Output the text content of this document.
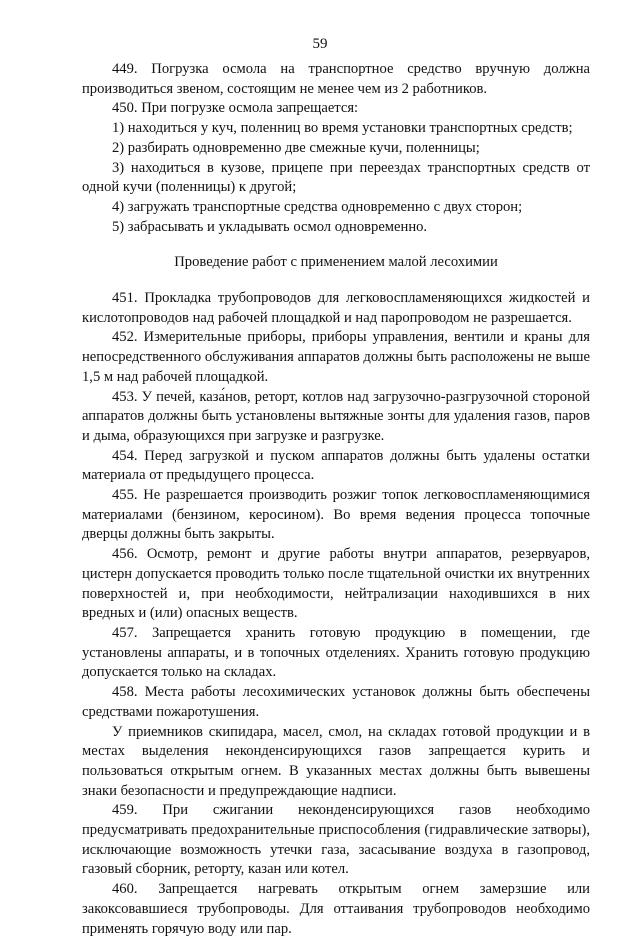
59

449. Погрузка осмола на транспортное средство вручную должна производиться звеном, состоящим не менее чем из 2 работников.

450. При погрузке осмола запрещается:

1) находиться у куч, поленниц во время установки транспортных средств;

2) разбирать одновременно две смежные кучи, поленницы;

3) находиться в кузове, прицепе при переездах транспортных средств от одной кучи (поленницы) к другой;

4) загружать транспортные средства одновременно с двух сторон;

5) забрасывать и укладывать осмол одновременно.

Проведение работ с применением малой лесохимии

451. Прокладка трубопроводов для легковоспламеняющихся жидкостей и кислотопроводов над рабочей площадкой и над паропроводом не разрешается.

452. Измерительные приборы, приборы управления, вентили и краны для непосредственного обслуживания аппаратов должны быть расположены не выше 1,5 м над рабочей площадкой.

453. У печей, каза́нов, реторт, котлов над загрузочно-разгрузочной стороной аппаратов должны быть установлены вытяжные зонты для удаления газов, паров и дыма, образующихся при загрузке и разгрузке.

454. Перед загрузкой и пуском аппаратов должны быть удалены остатки материала от предыдущего процесса.

455. Не разрешается производить розжиг топок легковоспламеняющимися материалами (бензином, керосином). Во время ведения процесса топочные дверцы должны быть закрыты.

456. Осмотр, ремонт и другие работы внутри аппаратов, резервуаров, цистерн допускается проводить только после тщательной очистки их внутренних поверхностей и, при необходимости, нейтрализации находившихся в них вредных и (или) опасных веществ.

457. Запрещается хранить готовую продукцию в помещении, где установлены аппараты, и в топочных отделениях. Хранить готовую продукцию допускается только на складах.

458. Места работы лесохимических установок должны быть обеспечены средствами пожаротушения.

У приемников скипидара, масел, смол, на складах готовой продукции и в местах выделения неконденсирующихся газов запрещается курить и пользоваться открытым огнем. В указанных местах должны быть вывешены знаки безопасности и предупреждающие надписи.

459. При сжигании неконденсирующихся газов необходимо предусматривать предохранительные приспособления (гидравлические затворы), исключающие возможность утечки газа, засасывание воздуха в газопровод, газовый сборник, реторту, казан или котел.

460. Запрещается нагревать открытым огнем замерзшие или закоксовавшиеся трубопроводы. Для оттаивания трубопроводов необходимо применять горячую воду или пар.
